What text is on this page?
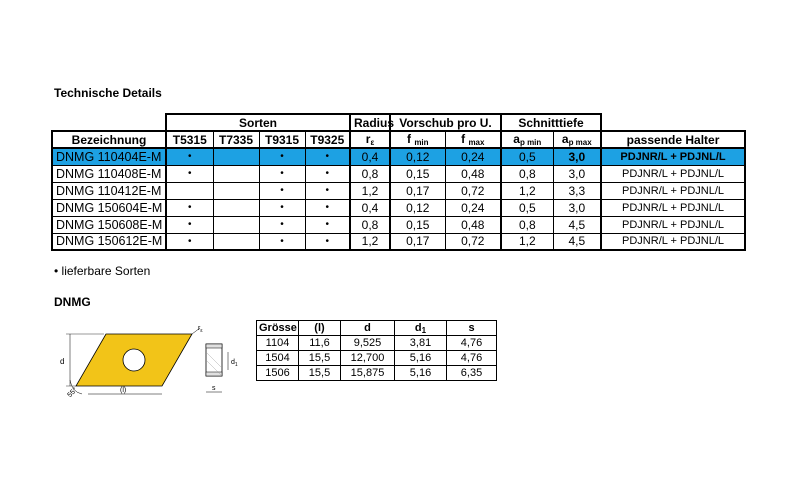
Technische Details
	Sorten				Radius	Vorschub pro U.		Schnitttiefe		
Bezeichnung	T5315	T7335	T9315	T9325	$r_\varepsilon$	f $_{min}$	f $_{max}$	$a_{p min}$	$a_{p max}$	passende Halter
DNMG 110404E-M	•		•	•	0,4	0,12	0,24	0,5	3,0	PDJNR/L + PDJNL/L
DNMG 110408E-M	•		•	•	0,8	0,15	0,48	0,8	3,0	PDJNR/L + PDJNL/L
DNMG 110412E-M			•	•	1,2	0,17	0,72	1,2	3,3	PDJNR/L + PDJNL/L
DNMG 150604E-M	•		•	•	0,4	0,12	0,24	0,5	3,0	PDJNR/L + PDJNL/L
DNMG 150608E-M	•		•	•	0,8	0,15	0,48	0,8	4,5	PDJNR/L + PDJNL/L
DNMG 150612E-M	•		•	•	1,2	0,17	0,72	1,2	4,5	PDJNR/L + PDJNL/L
• lieferbare Sorten
DNMG
d
(l)
55°
$r_\varepsilon$
$d_1$
s
Grösse	(l)	d	$d_1$	s
1104	11,6	9,525	3,81	4,76
1504	15,5	12,700	5,16	4,76
1506	15,5	15,875	5,16	6,35
